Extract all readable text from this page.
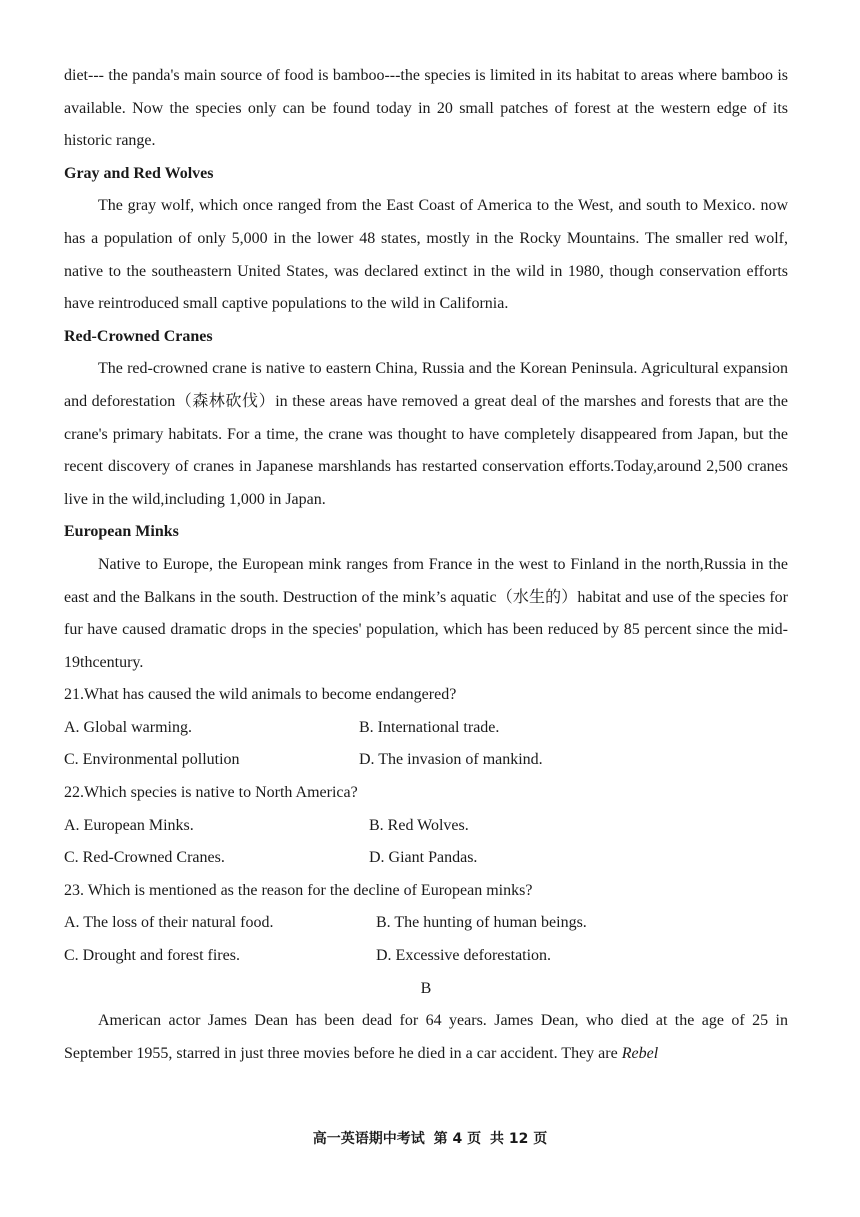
diet--- the panda's main source of food is bamboo---the species is limited in its habitat to areas where bamboo is available. Now the species only can be found today in 20 small patches of forest at the western edge of its historic range.

Gray and Red Wolves

The gray wolf, which once ranged from the East Coast of America to the West, and south to Mexico. now has a population of only 5,000 in the lower 48 states, mostly in the Rocky Mountains. The smaller red wolf, native to the southeastern United States, was declared extinct in the wild in 1980, though conservation efforts have reintroduced small captive populations to the wild in California.

Red-Crowned Cranes

The red-crowned crane is native to eastern China, Russia and the Korean Peninsula. Agricultural expansion and deforestation（森林砍伐）in these areas have removed a great deal of the marshes and forests that are the crane's primary habitats. For a time, the crane was thought to have completely disappeared from Japan, but the recent discovery of cranes in Japanese marshlands has restarted conservation efforts.Today,around 2,500 cranes live in the wild,including 1,000 in Japan.

European Minks

Native to Europe, the European mink ranges from France in the west to Finland in the north,Russia in the east and the Balkans in the south. Destruction of the mink’s aquatic（水生的）habitat and use of the species for fur have caused dramatic drops in the species' population, which has been reduced by 85 percent since the mid-19thcentury.

21.What has caused the wild animals to become endangered?

A. Global warming.	B. International trade.
C. Environmental pollution	D. The invasion of mankind.

22.Which species is native to North America?

A. European Minks.	B. Red Wolves.
C. Red-Crowned Cranes.	D. Giant Pandas.

23. Which is mentioned as the reason for the decline of European minks?

A. The loss of their natural food.	B. The hunting of human beings.
C. Drought and forest fires.	D. Excessive deforestation.

B

American actor James Dean has been dead for 64 years. James Dean, who died at the age of 25 in September 1955, starred in just three movies before he died in a car accident. They are Rebel

高一英语期中考试 第 4 页 共 12 页
